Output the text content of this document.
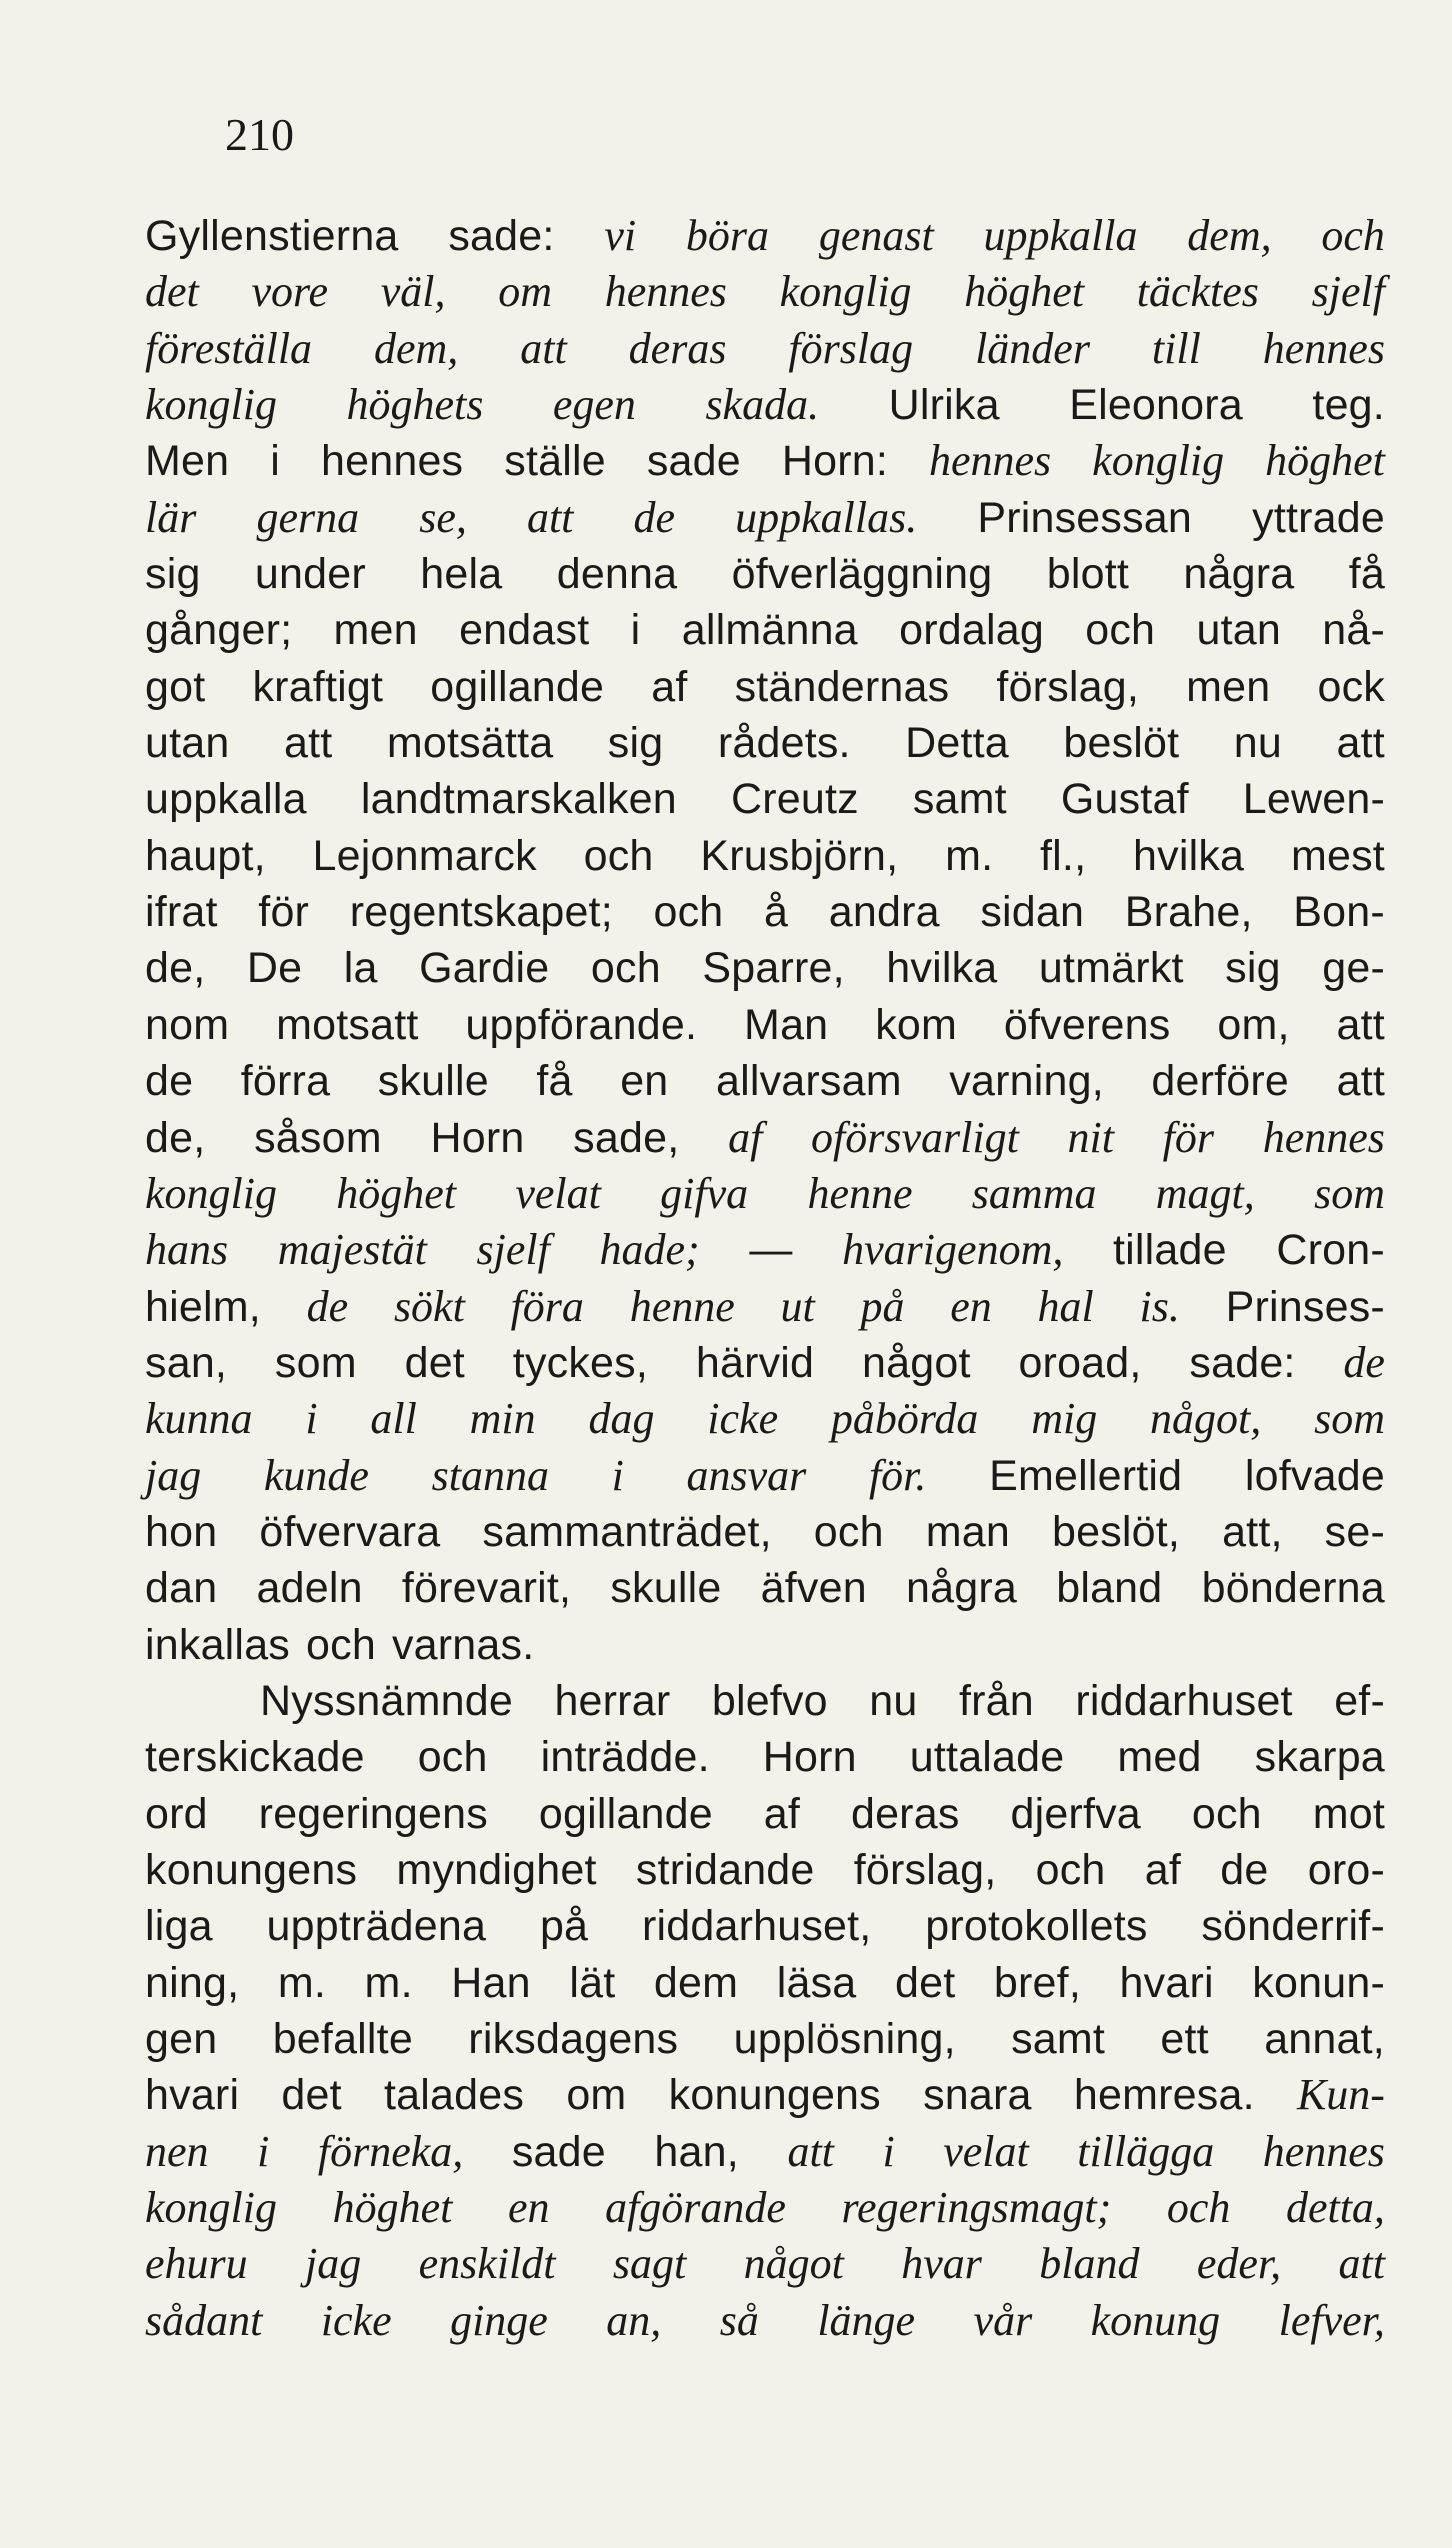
210
Gyllenstierna sade: vi böra genast uppkalla dem, och
det vore väl, om hennes konglig höghet täcktes sjelf
föreställa dem, att deras förslag länder till hennes
konglig höghets egen skada. Ulrika Eleonora teg.
Men i hennes ställe sade Horn: hennes konglig höghet
lär gerna se, att de uppkallas. Prinsessan yttrade
sig under hela denna öfverläggning blott några få
gånger; men endast i allmänna ordalag och utan nå-
got kraftigt ogillande af ständernas förslag, men ock
utan att motsätta sig rådets. Detta beslöt nu att
uppkalla landtmarskalken Creutz samt Gustaf Lewen-
haupt, Lejonmarck och Krusbjörn, m. fl., hvilka mest
ifrat för regentskapet; och å andra sidan Brahe, Bon-
de, De la Gardie och Sparre, hvilka utmärkt sig ge-
nom motsatt uppförande. Man kom öfverens om, att
de förra skulle få en allvarsam varning, derföre att
de, såsom Horn sade, af oförsvarligt nit för hennes
konglig höghet velat gifva henne samma magt, som
hans majestät sjelf hade; — hvarigenom, tillade Cron-
hielm, de sökt föra henne ut på en hal is. Prinses-
san, som det tyckes, härvid något oroad, sade: de
kunna i all min dag icke påbörda mig något, som
jag kunde stanna i ansvar för. Emellertid lofvade
hon öfvervara sammanträdet, och man beslöt, att, se-
dan adeln förevarit, skulle äfven några bland bönderna
inkallas och varnas.
Nyssnämnde herrar blefvo nu från riddarhuset ef-
terskickade och inträdde. Horn uttalade med skarpa
ord regeringens ogillande af deras djerfva och mot
konungens myndighet stridande förslag, och af de oro-
liga uppträdena på riddarhuset, protokollets sönderrif-
ning, m. m. Han lät dem läsa det bref, hvari konun-
gen befallte riksdagens upplösning, samt ett annat,
hvari det talades om konungens snara hemresa. Kun-
nen i förneka, sade han, att i velat tillägga hennes
konglig höghet en afgörande regeringsmagt; och detta,
ehuru jag enskildt sagt något hvar bland eder, att
sådant icke ginge an, så länge vår konung lefver,
